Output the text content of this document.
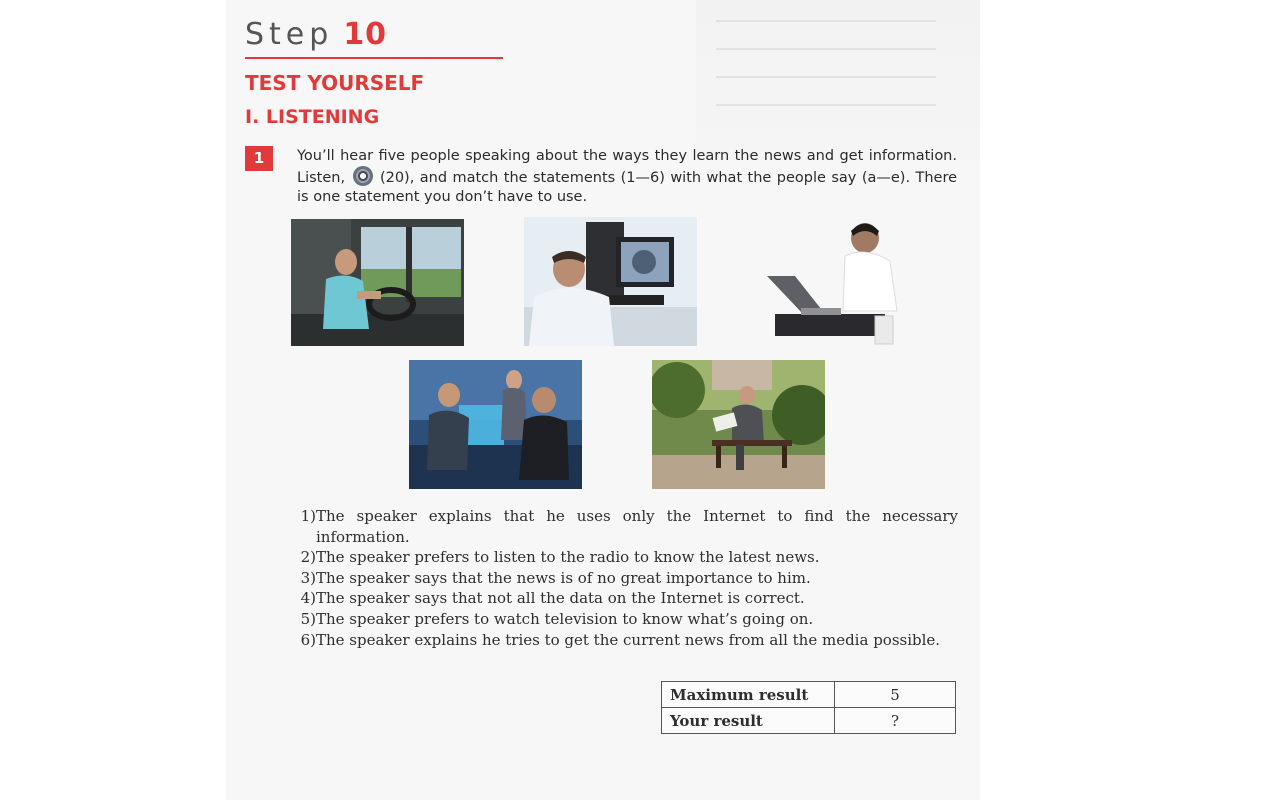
Step 10
TEST YOURSELF
I. LISTENING
1	You’ll hear five people speaking about the ways they learn the news and get information. Listen, (20), and match the statements (1—6) with what the people say (a—e). There is one statement you don’t have to use.
1) The speaker explains that he uses only the Internet to find the necessary information.
2) The speaker prefers to listen to the radio to know the latest news.
3) The speaker says that the news is of no great importance to him.
4) The speaker says that not all the data on the Internet is correct.
5) The speaker prefers to watch television to know what’s going on.
6) The speaker explains he tries to get the current news from all the media possible.
Maximum result	5
Your result	?
